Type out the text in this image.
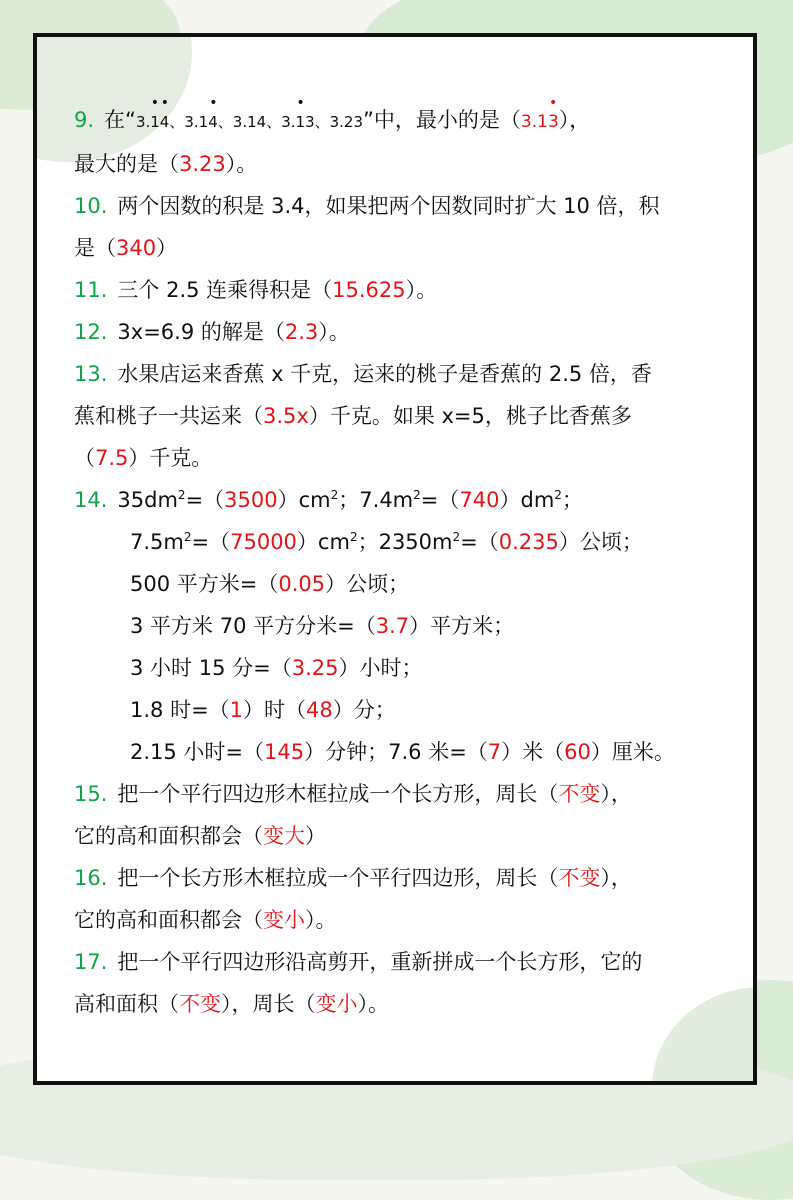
9. 在“3.1
• •
4、3.1
•
4、3.14、3.
•
13、3.23”中，最小的是（3.1
•
3），
最大的是（3.23）。
10. 两个因数的积是 3.4，如果把两个因数同时扩大 10 倍，积
是（340）
11. 三个 2.5 连乘得积是（15.625）。
12. 3x=6.9 的解是（2.3）。
13. 水果店运来香蕉 x 千克，运来的桃子是香蕉的 2.5 倍，香
蕉和桃子一共运来（3.5x）千克。如果 x=5，桃子比香蕉多
（7.5）千克。
14. $35dm^2=(3500)cm^2$；$7.4m^2=(740)dm^2$；
$7.5m^2=(75000)cm^2$；$2350m^2=(0.235)$公顷；
500 平方米=（0.05）公顷；
3 平方米 70 平方分米=（3.7）平方米；
3 小时 15 分=（3.25）小时；
1.8 时=（1）时（48）分；
2.15 小时=（145）分钟；7.6 米=（7）米（60）厘米。
15. 把一个平行四边形木框拉成一个长方形，周长（不变），
它的高和面积都会（变大）
16. 把一个长方形木框拉成一个平行四边形，周长（不变），
它的高和面积都会（变小）。
17. 把一个平行四边形沿高剪开，重新拼成一个长方形，它的
高和面积（不变），周长（变小）。
